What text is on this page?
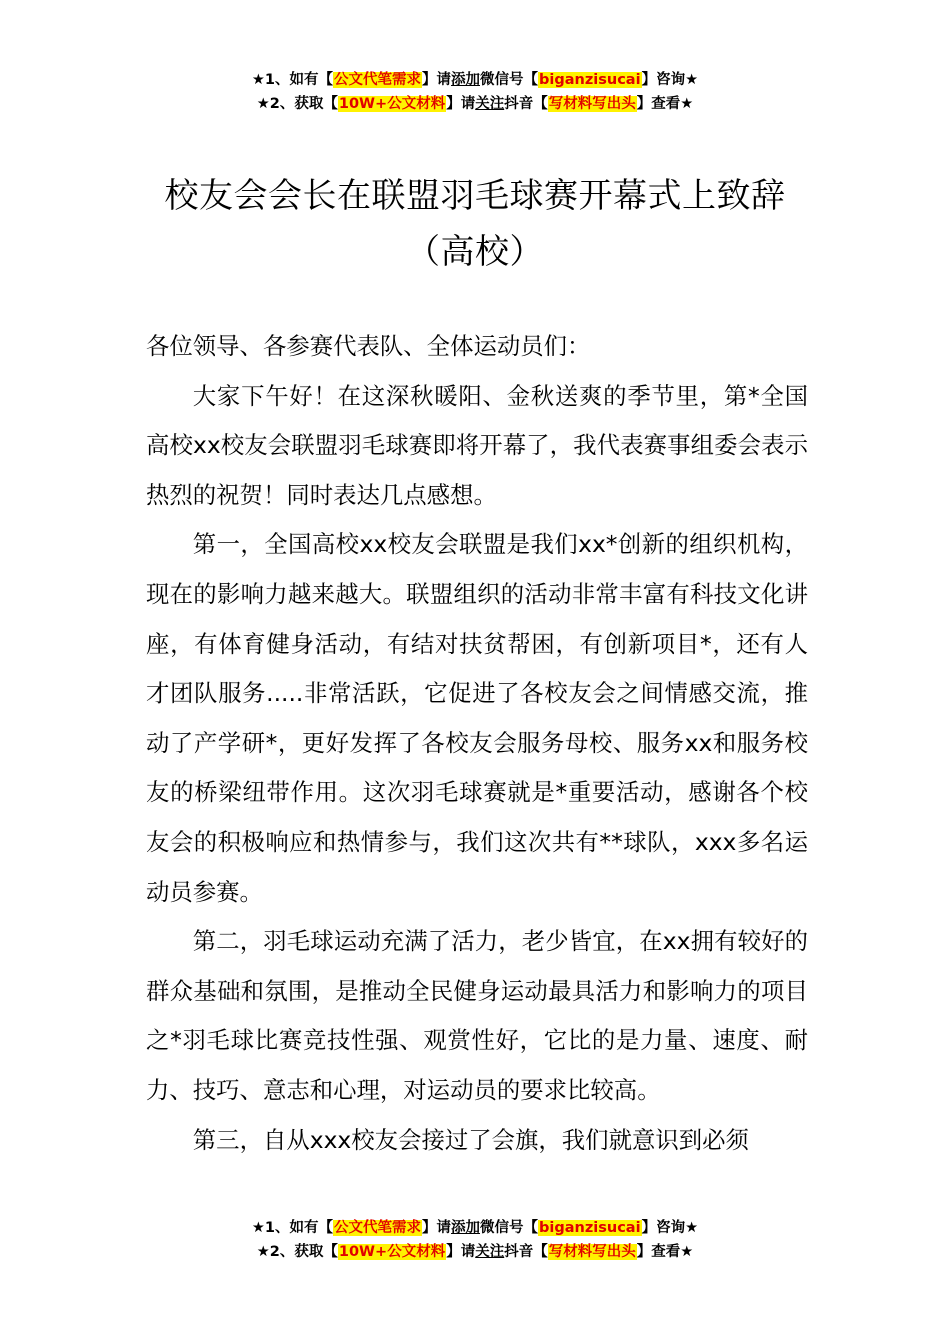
★1、如有【公文代笔需求】请添加微信号【biganzisucai】咨询★
★2、获取【10W+公文材料】请关注抖音【写材料写出头】查看★
校友会会长在联盟羽毛球赛开幕式上致辞
（高校）

各位领导、各参赛代表队、全体运动员们：

大家下午好！在这深秋暖阳、金秋送爽的季节里，第*全国高校xx校友会联盟羽毛球赛即将开幕了，我代表赛事组委会表示热烈的祝贺！同时表达几点感想。

第一，全国高校xx校友会联盟是我们xx*创新的组织机构，现在的影响力越来越大。联盟组织的活动非常丰富有科技文化讲座，有体育健身活动，有结对扶贫帮困，有创新项目*，还有人才团队服务.....非常活跃，它促进了各校友会之间情感交流，推动了产学研*，更好发挥了各校友会服务母校、服务xx和服务校友的桥梁纽带作用。这次羽毛球赛就是*重要活动，感谢各个校友会的积极响应和热情参与，我们这次共有**球队，xxx多名运动员参赛。

第二，羽毛球运动充满了活力，老少皆宜，在xx拥有较好的群众基础和氛围，是推动全民健身运动最具活力和影响力的项目之*羽毛球比赛竞技性强、观赏性好，它比的是力量、速度、耐力、技巧、意志和心理，对运动员的要求比较高。

第三，自从xxx校友会接过了会旗，我们就意识到必须

★1、如有【公文代笔需求】请添加微信号【biganzisucai】咨询★
★2、获取【10W+公文材料】请关注抖音【写材料写出头】查看★
